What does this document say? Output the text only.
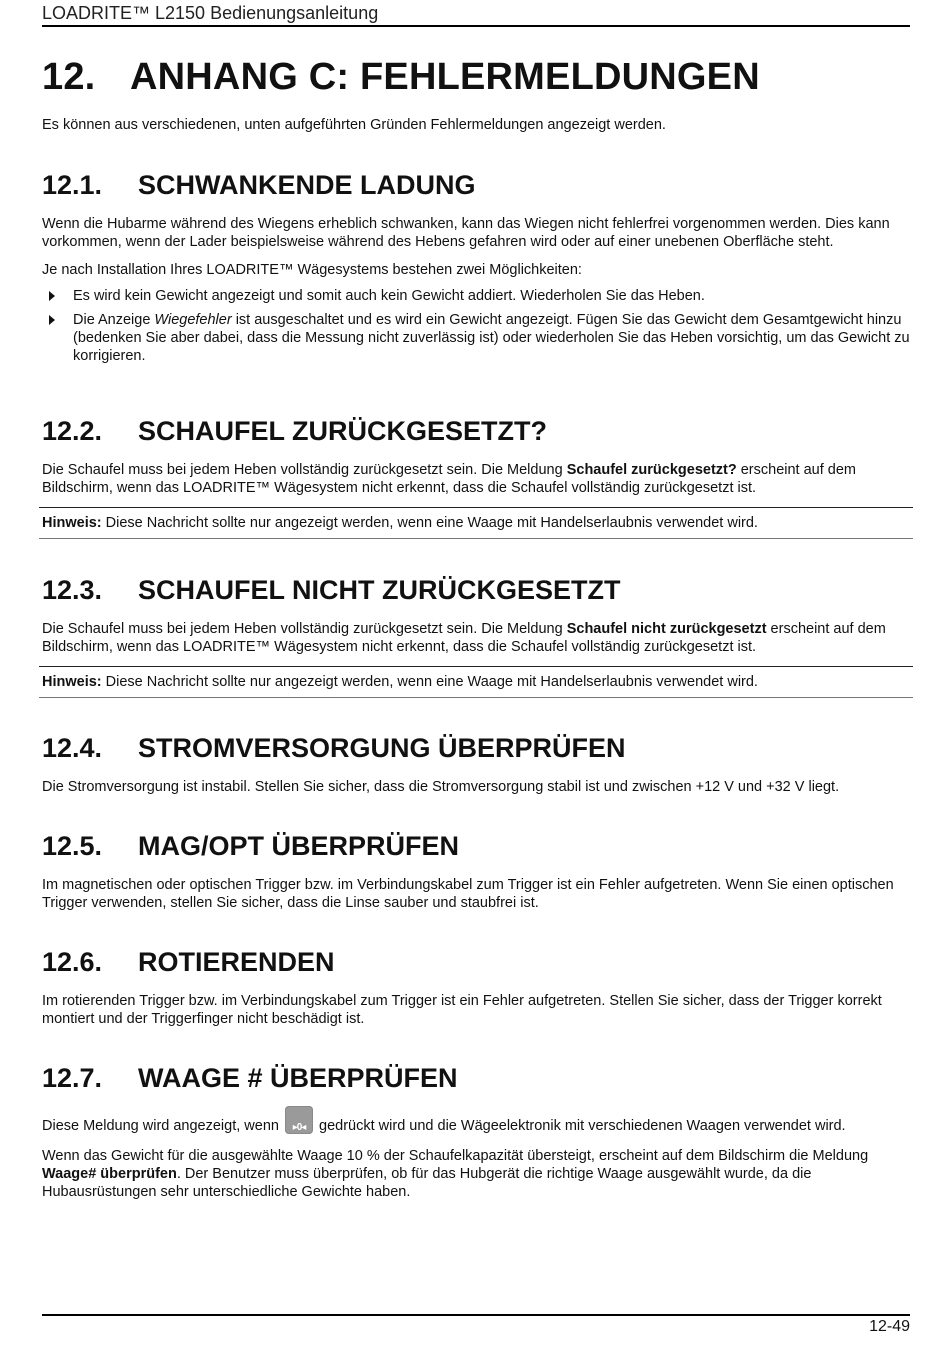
LOADRITE™ L2150 Bedienungsanleitung
12. ANHANG C: FEHLERMELDUNGEN

Es können aus verschiedenen, unten aufgeführten Gründen Fehlermeldungen angezeigt werden.

12.1. SCHWANKENDE LADUNG

Wenn die Hubarme während des Wiegens erheblich schwanken, kann das Wiegen nicht fehlerfrei vorgenommen werden. Dies kann vorkommen, wenn der Lader beispielsweise während des Hebens gefahren wird oder auf einer unebenen Oberfläche steht.

Je nach Installation Ihres LOADRITE™ Wägesystems bestehen zwei Möglichkeiten:

Es wird kein Gewicht angezeigt und somit auch kein Gewicht addiert. Wiederholen Sie das Heben.
Die Anzeige Wiegefehler ist ausgeschaltet und es wird ein Gewicht angezeigt. Fügen Sie das Gewicht dem Gesamtgewicht hinzu (bedenken Sie aber dabei, dass die Messung nicht zuverlässig ist) oder wiederholen Sie das Heben vorsichtig, um das Gewicht zu korrigieren.
12.2. SCHAUFEL ZURÜCKGESETZT?

Die Schaufel muss bei jedem Heben vollständig zurückgesetzt sein. Die Meldung Schaufel zurückgesetzt? erscheint auf dem Bildschirm, wenn das LOADRITE™ Wägesystem nicht erkennt, dass die Schaufel vollständig zurückgesetzt ist.

Hinweis: Diese Nachricht sollte nur angezeigt werden, wenn eine Waage mit Handelserlaubnis verwendet wird.
12.3. SCHAUFEL NICHT ZURÜCKGESETZT

Die Schaufel muss bei jedem Heben vollständig zurückgesetzt sein. Die Meldung Schaufel nicht zurückgesetzt erscheint auf dem Bildschirm, wenn das LOADRITE™ Wägesystem nicht erkennt, dass die Schaufel vollständig zurückgesetzt ist.

Hinweis: Diese Nachricht sollte nur angezeigt werden, wenn eine Waage mit Handelserlaubnis verwendet wird.
12.4. STROMVERSORGUNG ÜBERPRÜFEN

Die Stromversorgung ist instabil. Stellen Sie sicher, dass die Stromversorgung stabil ist und zwischen +12 V und +32 V liegt.

12.5. MAG/OPT ÜBERPRÜFEN

Im magnetischen oder optischen Trigger bzw. im Verbindungskabel zum Trigger ist ein Fehler aufgetreten. Wenn Sie einen optischen Trigger verwenden, stellen Sie sicher, dass die Linse sauber und staubfrei ist.

12.6. ROTIERENDEN

Im rotierenden Trigger bzw. im Verbindungskabel zum Trigger ist ein Fehler aufgetreten. Stellen Sie sicher, dass der Trigger korrekt montiert und der Triggerfinger nicht beschädigt ist.

12.7. WAAGE # ÜBERPRÜFEN

Diese Meldung wird angezeigt, wenn ▸0◂ gedrückt wird und die Wägeelektronik mit verschiedenen Waagen verwendet wird.

Wenn das Gewicht für die ausgewählte Waage 10 % der Schaufelkapazität übersteigt, erscheint auf dem Bildschirm die Meldung Waage# überprüfen. Der Benutzer muss überprüfen, ob für das Hubgerät die richtige Waage ausgewählt wurde, da die Hubausrüstungen sehr unterschiedliche Gewichte haben.

12-49
